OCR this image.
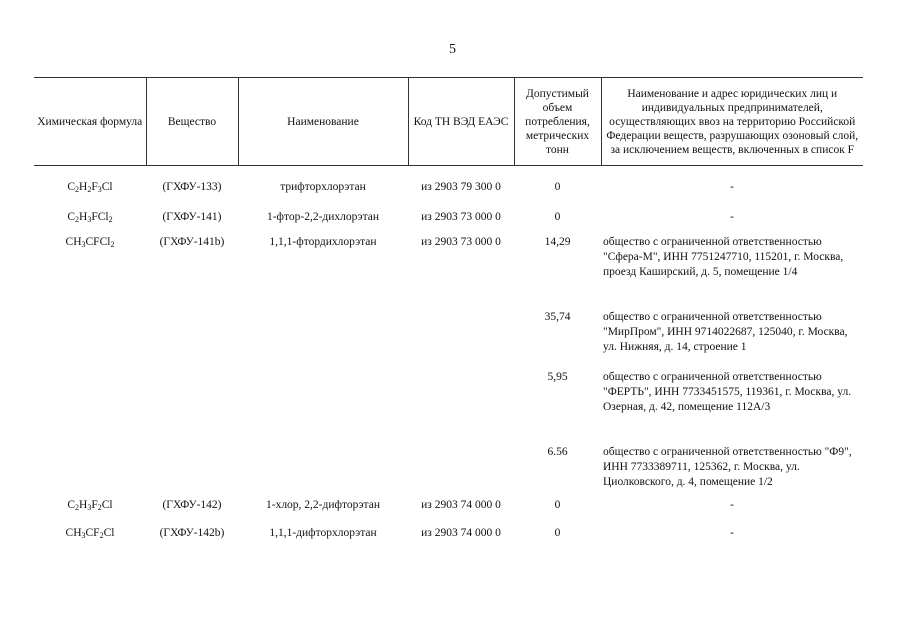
5
Химическая формула	Вещество	Наименование	Код ТН ВЭД ЕАЭС	Допустимый объем потребления, метрических тонн	Наименование и адрес юридических лиц и индивидуальных предпринимателей, осуществляющих ввоз на территорию Российской Федерации веществ, разрушающих озоновый слой, за исключением веществ, включенных в список F
$C_2H_2F_3Cl$	(ГХФУ-133)	трифторхлорэтан	из 2903 79 300 0	0	-
$C_2H_3FCl_2$	(ГХФУ-141)	1-фтор-2,2-дихлорэтан	из 2903 73 000 0	0	-
$CH_3CFCl_2$	(ГХФУ-141b)	1,1,1-фтордихлорэтан	из 2903 73 000 0	14,29	общество с ограниченной ответственностью "Сфера-М", ИНН 7751247710, 115201, г. Москва, проезд Каширский, д. 5, помещение 1/4
				35,74	общество с ограниченной ответственностью "МирПром", ИНН 9714022687, 125040, г. Москва, ул. Нижняя, д. 14, строение 1
				5,95	общество с ограниченной ответственностью "ФЕРТЬ", ИНН 7733451575, 119361, г. Москва, ул. Озерная, д. 42, помещение 112А/3
				6.56	общество с ограниченной ответственностью "Ф9", ИНН 7733389711, 125362, г. Москва, ул. Циолковского, д. 4, помещение 1/2
$C_2H_3F_2Cl$	(ГХФУ-142)	1-хлор, 2,2-дифторэтан	из 2903 74 000 0	0	-
$CH_3CF_2Cl$	(ГХФУ-142b)	1,1,1-дифторхлорэтан	из 2903 74 000 0	0	-
